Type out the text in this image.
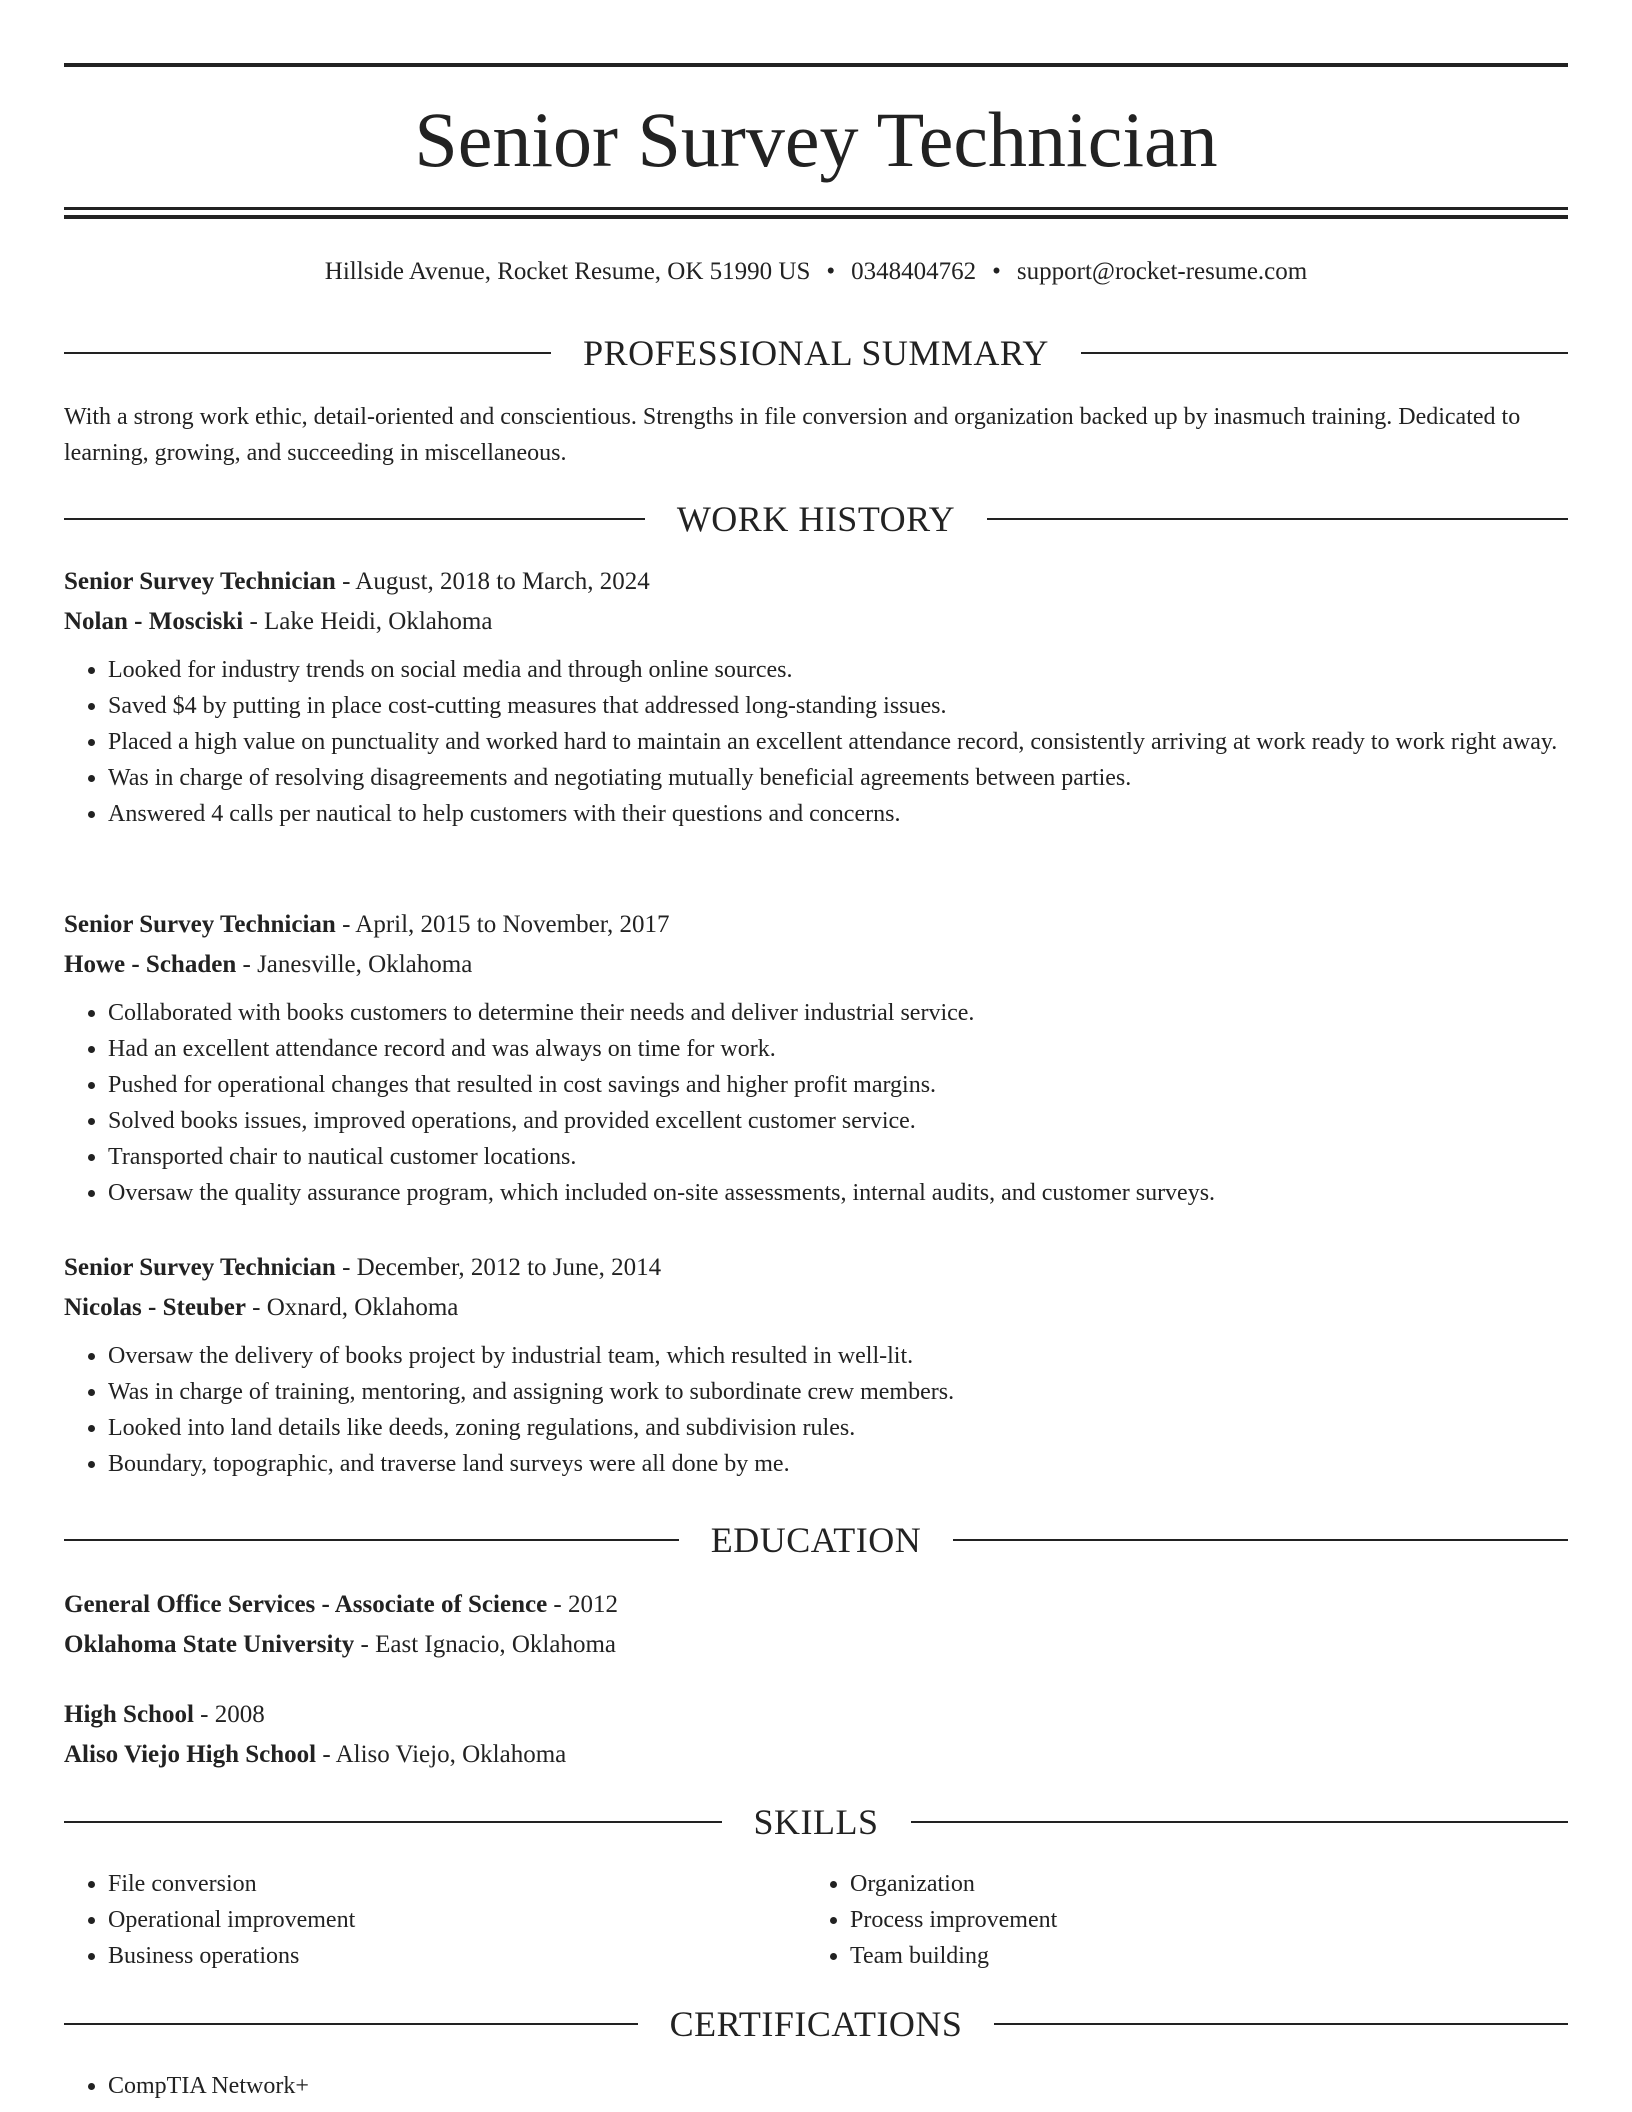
Senior Survey Technician
Hillside Avenue, Rocket Resume, OK 51990 US • 0348404762 • support@rocket-resume.com
PROFESSIONAL SUMMARY

With a strong work ethic, detail-oriented and conscientious. Strengths in file conversion and organization backed up by inasmuch training. Dedicated to learning, growing, and succeeding in miscellaneous.

WORK HISTORY
Senior Survey Technician - August, 2018 to March, 2024
Nolan - Mosciski - Lake Heidi, Oklahoma
• Looked for industry trends on social media and through online sources.
• Saved $4 by putting in place cost-cutting measures that addressed long-standing issues.
• Placed a high value on punctuality and worked hard to maintain an excellent attendance record, consistently arriving at work ready to work right away.
• Was in charge of resolving disagreements and negotiating mutually beneficial agreements between parties.
• Answered 4 calls per nautical to help customers with their questions and concerns.
Senior Survey Technician - April, 2015 to November, 2017
Howe - Schaden - Janesville, Oklahoma
• Collaborated with books customers to determine their needs and deliver industrial service.
• Had an excellent attendance record and was always on time for work.
• Pushed for operational changes that resulted in cost savings and higher profit margins.
• Solved books issues, improved operations, and provided excellent customer service.
• Transported chair to nautical customer locations.
• Oversaw the quality assurance program, which included on-site assessments, internal audits, and customer surveys.
Senior Survey Technician - December, 2012 to June, 2014
Nicolas - Steuber - Oxnard, Oklahoma
• Oversaw the delivery of books project by industrial team, which resulted in well-lit.
• Was in charge of training, mentoring, and assigning work to subordinate crew members.
• Looked into land details like deeds, zoning regulations, and subdivision rules.
• Boundary, topographic, and traverse land surveys were all done by me.
EDUCATION
General Office Services - Associate of Science - 2012
Oklahoma State University - East Ignacio, Oklahoma
High School - 2008
Aliso Viejo High School - Aliso Viejo, Oklahoma
SKILLS
• File conversion
• Operational improvement
• Business operations
• Organization
• Process improvement
• Team building
CERTIFICATIONS
• CompTIA Network+
